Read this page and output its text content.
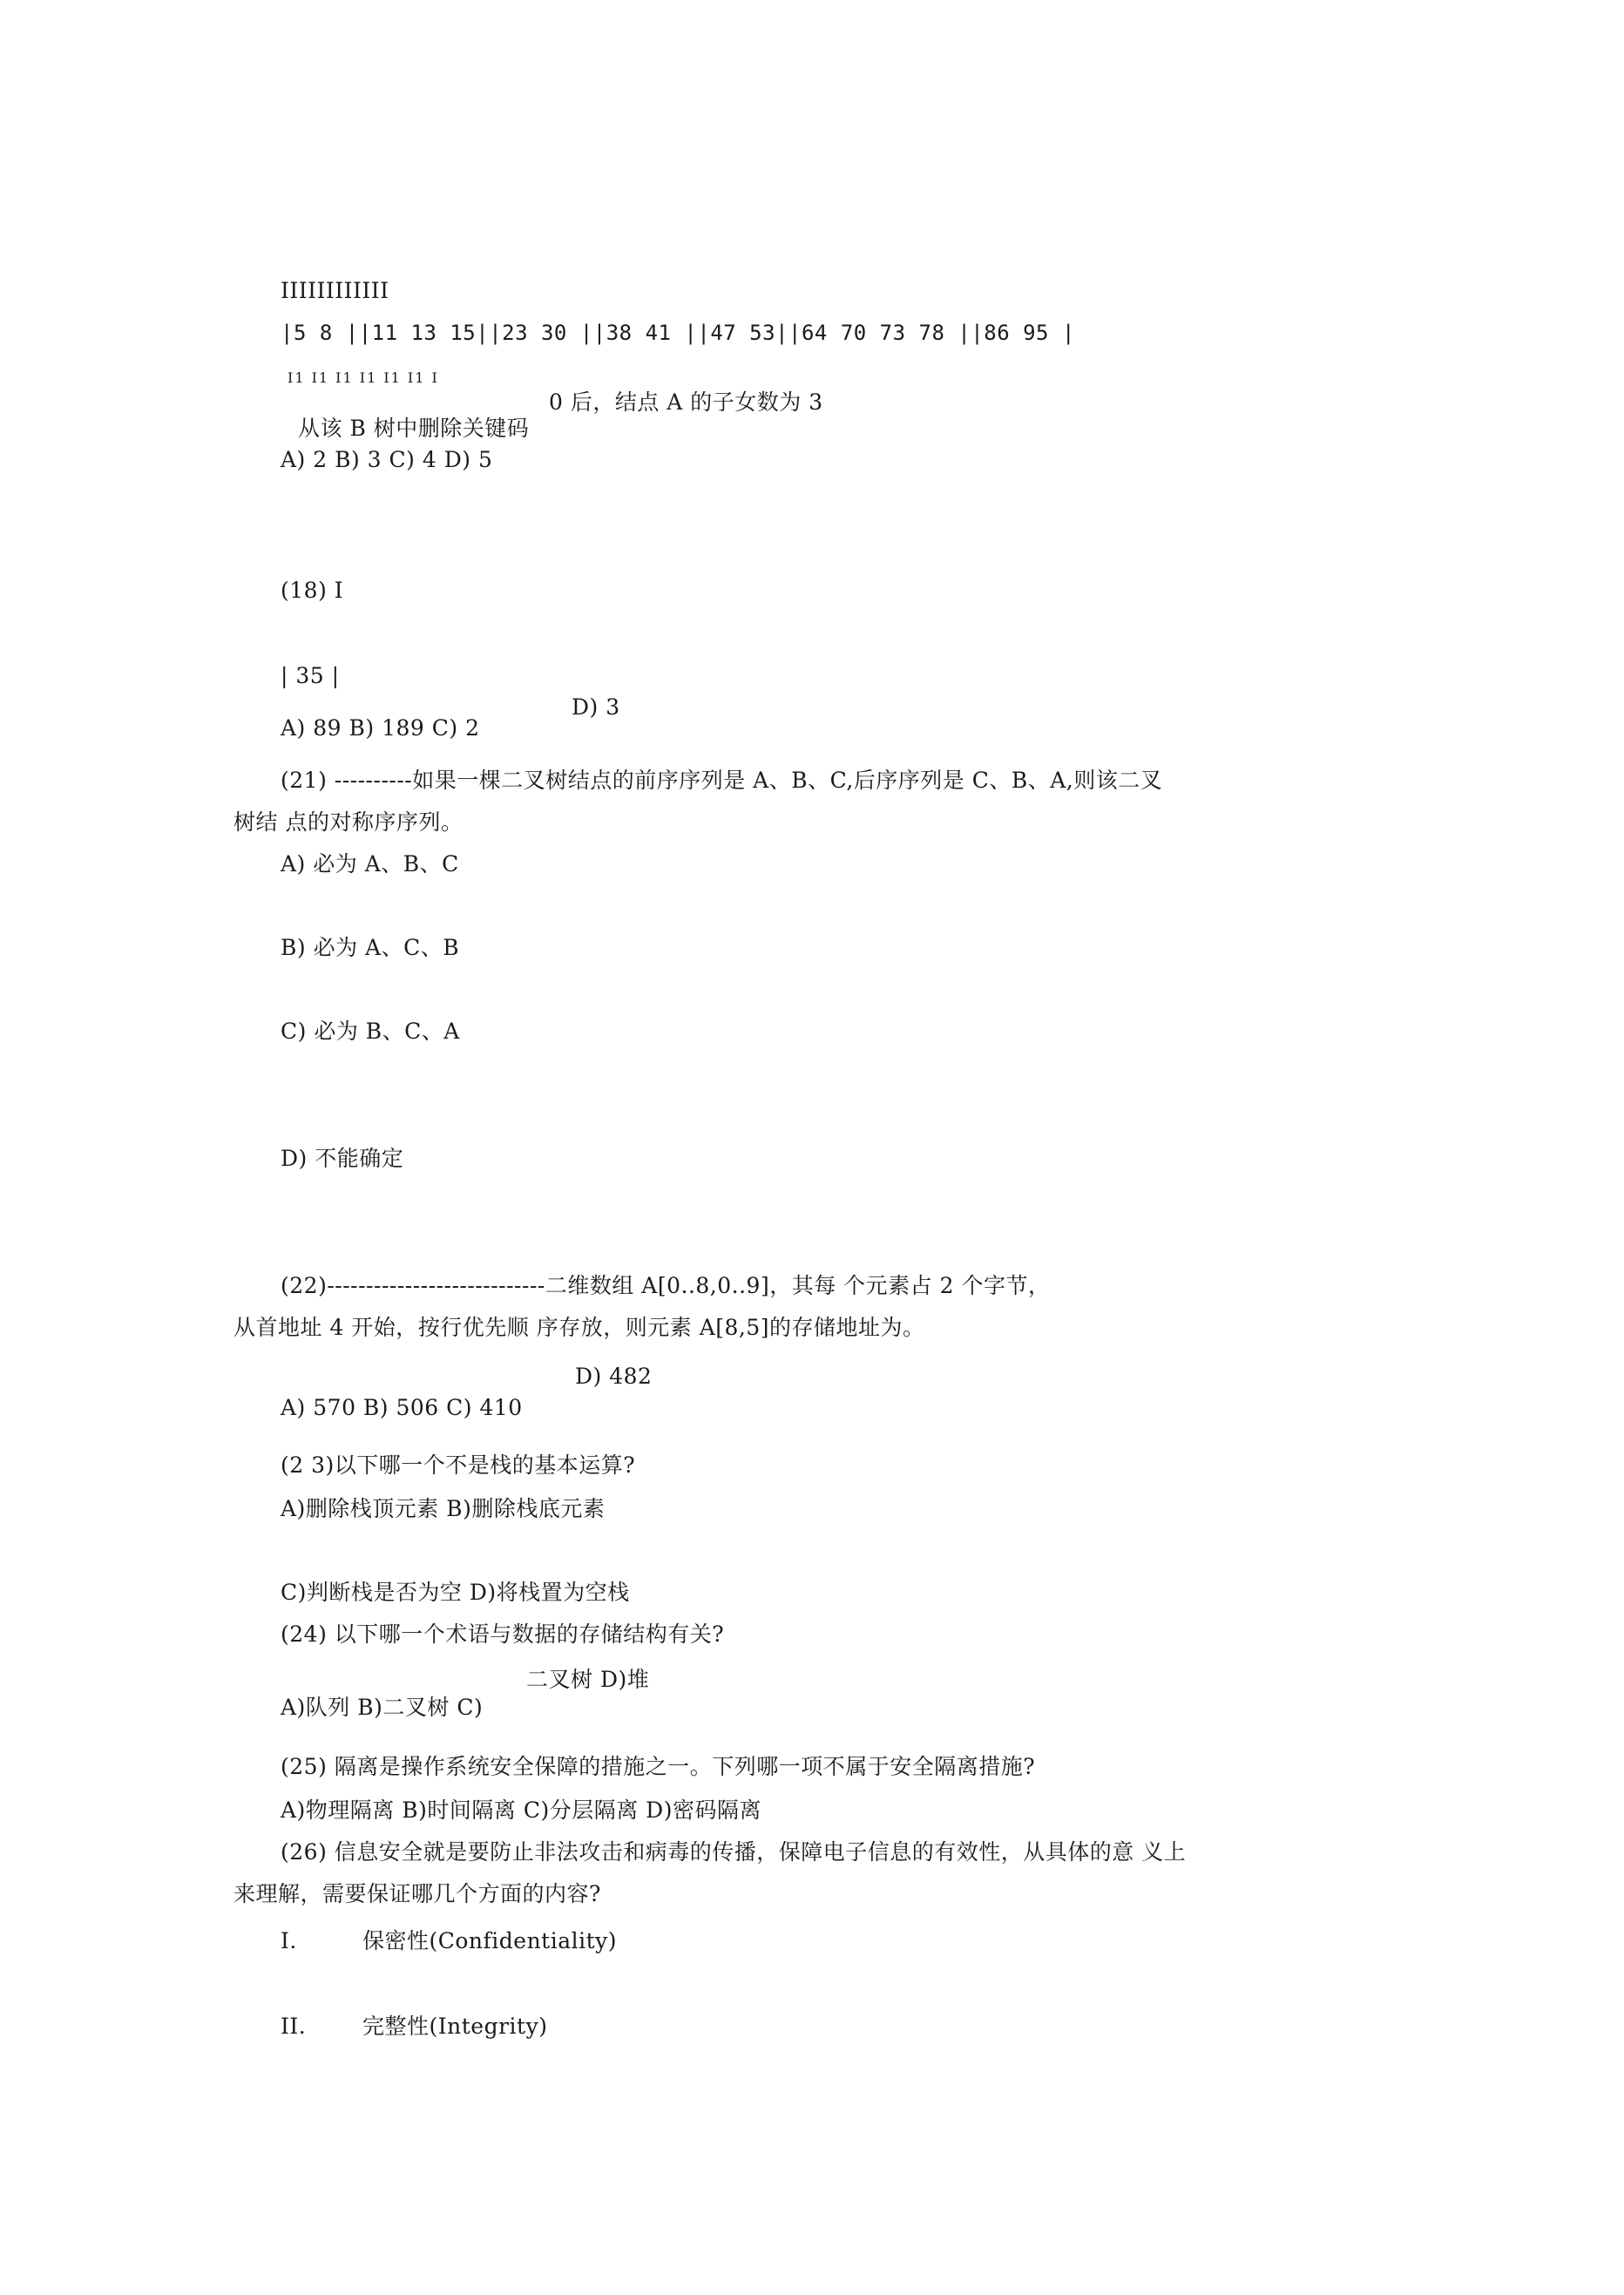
IIIIIIIIIIII
|5 8 ||11 13 15||23 30 ||38 41 ||47 53||64 70 73 78 ||86 95 |
I1 I1 I1 I1 I1 I1 I
0 后，结点 A 的子女数为 3
从该 B 树中删除关键码
A) 2 B) 3 C) 4 D) 5
(18) I
| 35 |
D) 3
A) 89 B) 189 C) 2
(21) ----------如果一棵二叉树结点的前序序列是 A、B、C,后序序列是 C、B、A,则该二叉
树结 点的对称序序列。
A) 必为 A、B、C
B) 必为 A、C、B
C) 必为 B、C、A
D) 不能确定
(22)----------------------------二维数组 A[0..8,0..9]，其每 个元素占 2 个字节，
从首地址 4 开始，按行优先顺 序存放，则元素 A[8,5]的存储地址为。
D) 482
A) 570 B) 506 C) 410
(2 3)以下哪一个不是栈的基本运算?
A)删除栈顶元素 B)删除栈底元素
C)判断栈是否为空 D)将栈置为空栈
(24) 以下哪一个术语与数据的存储结构有关?
二叉树 D)堆
A)队列 B)二叉树 C)
(25) 隔离是操作系统安全保障的措施之一。下列哪一项不属于安全隔离措施?
A)物理隔离 B)时间隔离 C)分层隔离 D)密码隔离
(26) 信息安全就是要防止非法攻击和病毒的传播，保障电子信息的有效性，从具体的意 义上
来理解，需要保证哪几个方面的内容?
I.	保密性(Confidentiality)
II.	完整性(Integrity)
